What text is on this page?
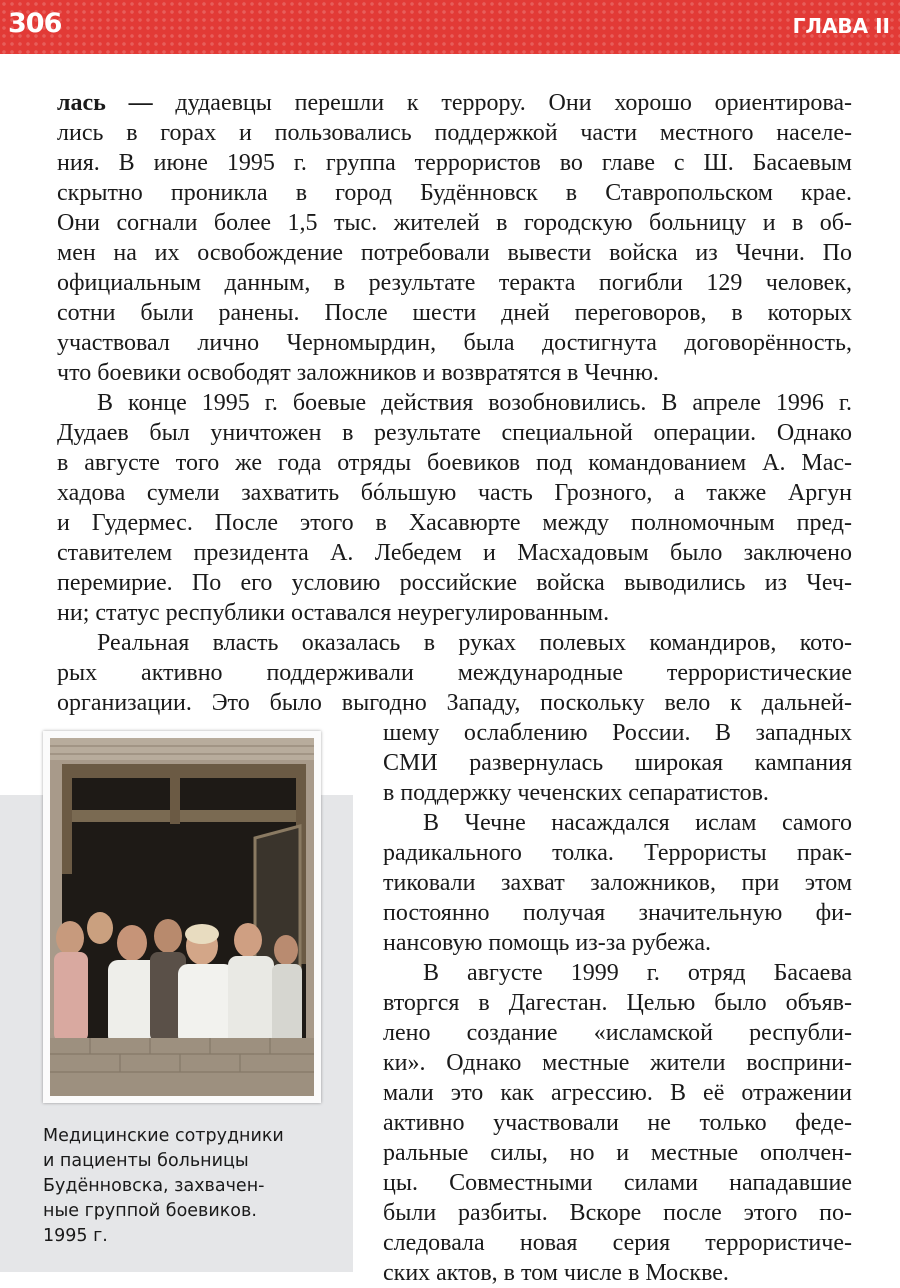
306	ГЛАВА II
лась — дудаевцы перешли к террору. Они хорошо ориентирова-
лись в горах и пользовались поддержкой части местного населе-
ния. В июне 1995 г. группа террористов во главе с Ш. Басаевым
скрытно проникла в город Будённовск в Ставропольском крае.
Они согнали более 1,5 тыс. жителей в городскую больницу и в об-
мен на их освобождение потребовали вывести войска из Чечни. По
официальным данным, в результате теракта погибли 129 человек,
сотни были ранены. После шести дней переговоров, в которых
участвовал лично Черномырдин, была достигнута договорённость,
что боевики освободят заложников и возвратятся в Чечню.
В конце 1995 г. боевые действия возобновились. В апреле 1996 г.
Дудаев был уничтожен в результате специальной операции. Однако
в августе того же года отряды боевиков под командованием А. Мас-
хадова сумели захватить бóльшую часть Грозного, а также Аргун
и Гудермес. После этого в Хасавюрте между полномочным пред-
ставителем президента А. Лебедем и Масхадовым было заключено
перемирие. По его условию российские войска выводились из Чеч-
ни; статус республики оставался неурегулированным.
Реальная власть оказалась в руках полевых командиров, кото-
рых активно поддерживали международные террористические
организации. Это было выгодно Западу, поскольку вело к дальней-
шему ослаблению России. В западных
СМИ развернулась широкая кампания
в поддержку чеченских сепаратистов.
В Чечне насаждался ислам самого
радикального толка. Террористы прак-
тиковали захват заложников, при этом
постоянно получая значительную фи-
нансовую помощь из-за рубежа.
В августе 1999 г. отряд Басаева
вторгся в Дагестан. Целью было объяв-
лено создание «исламской республи-
ки». Однако местные жители восприни-
мали это как агрессию. В её отражении
активно участвовали не только феде-
ральные силы, но и местные ополчен-
цы. Совместными силами нападавшие
были разбиты. Вскоре после этого по-
следовала новая серия террористиче-
ских актов, в том числе в Москве.
Медицинские сотрудники
и пациенты больницы
Будённовска, захвачен-
ные группой боевиков.
1995 г.
